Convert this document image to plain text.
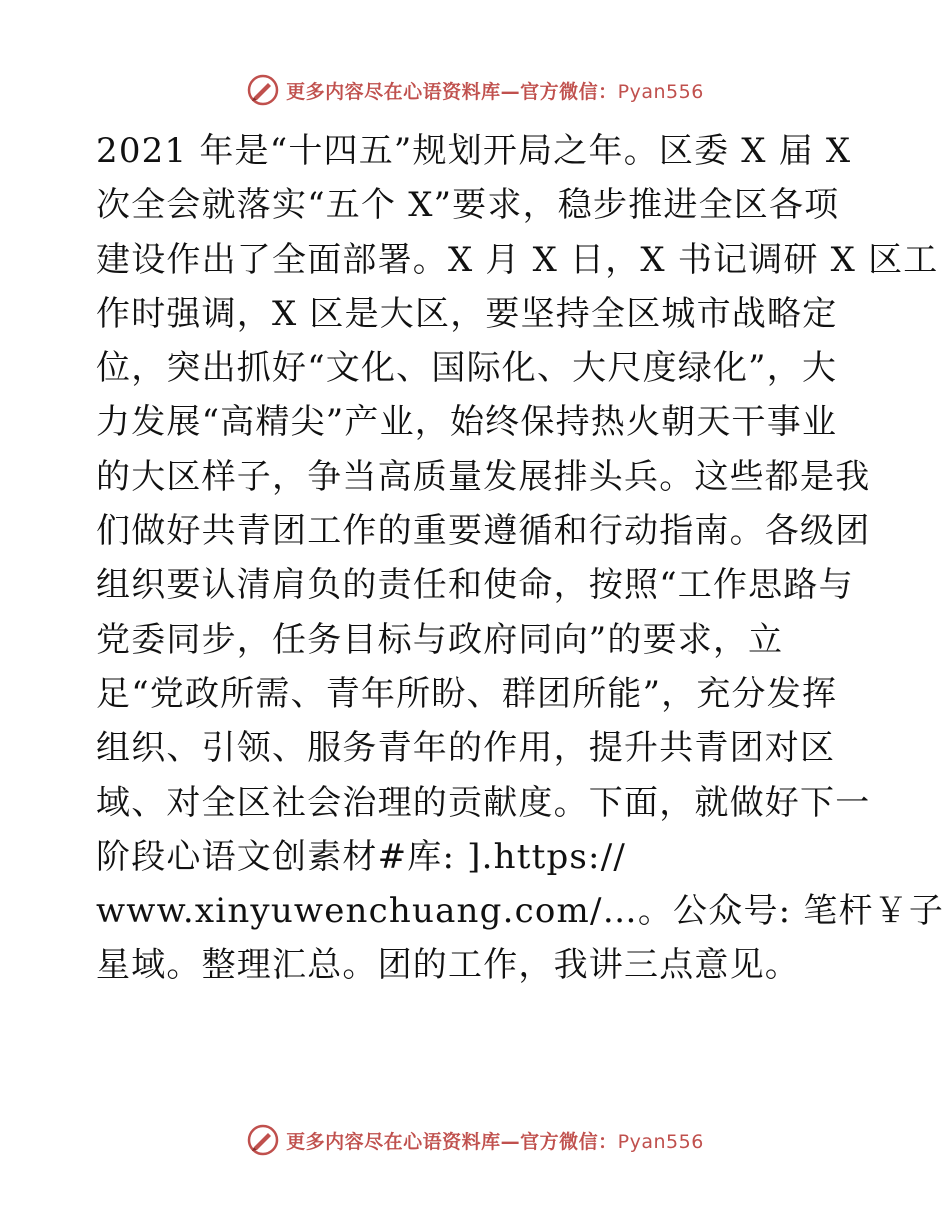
更多内容尽在心语资料库—官方微信：Pyan556
2021 年是“十四五”规划开局之年。区委 X 届 X
次全会就落实“五个 X”要求，稳步推进全区各项
建设作出了全面部署。X 月 X 日，X 书记调研 X 区工
作时强调，X 区是大区，要坚持全区城市战略定
位，突出抓好“文化、国际化、大尺度绿化”，大
力发展“高精尖”产业，始终保持热火朝天干事业
的大区样子，争当高质量发展排头兵。这些都是我
们做好共青团工作的重要遵循和行动指南。各级团
组织要认清肩负的责任和使命，按照“工作思路与
党委同步，任务目标与政府同向”的要求，立
足“党政所需、青年所盼、群团所能”，充分发挥
组织、引领、服务青年的作用，提升共青团对区
域、对全区社会治理的贡献度。下面，就做好下一
阶段心语文创素材#库: ].https://
www.xinyuwenchuang.com/…。公众号: 笔杆￥子
星域。整理汇总。团的工作，我讲三点意见。
更多内容尽在心语资料库—官方微信：Pyan556
